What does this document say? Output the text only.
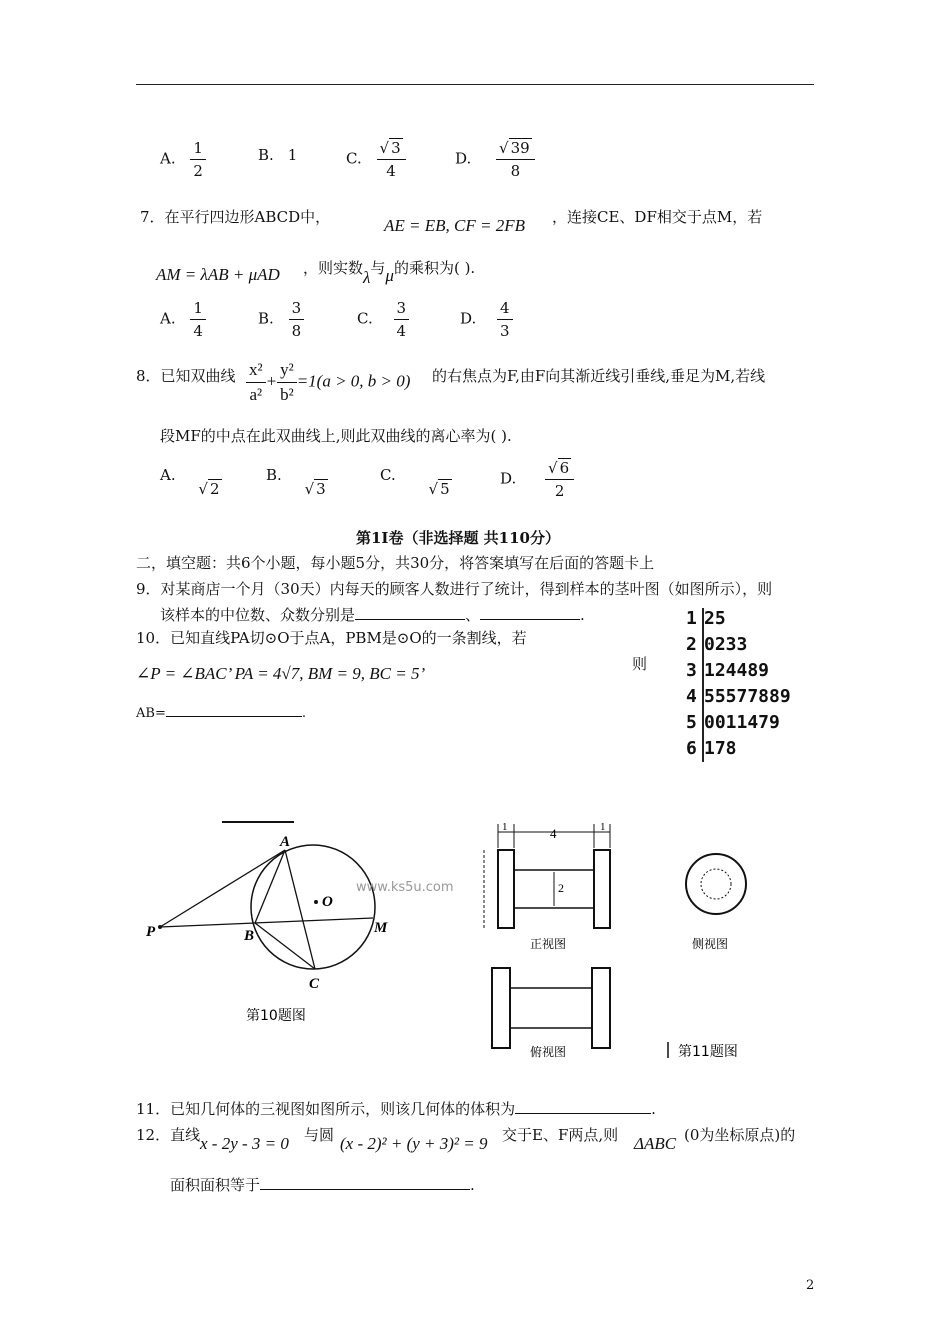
A. $\frac{1}{2}$	B. 1	C. $\frac{√ 3}{4}$	D. $\frac{√ 39}{8}$
7．在平行四边形ABCD中，	AE = EB, CF = 2FB ，连接CE、DF相交于点M，若
AM = λAB + μAD ，则实数λ与μ的乘积为( ).
A. $\frac{1}{4}$	B. $\frac{3}{8}$	C. $\frac{3}{4}$	D. $\frac{4}{3}$
8．已知双曲线 $\frac{\text{x²}}{\text{a²}} + \frac{\text{y²}}{\text{b²}} =1(a > 0$, b > 0) 的右焦点为F,由F向其渐近线引垂线,垂足为M,若线
段MF的中点在此双曲线上,则此双曲线的离心率为( ).
A. √ 2
B. √ 3
C. √ 5
D. $\frac{√ 6}{2}$
第1I卷（非选择题 共110分）
二，填空题：共6个小题，每小题5分，共30分，将答案填写在后面的答题卡上
9．对某商店一个月（30天）内每天的顾客人数进行了统计，得到样本的茎叶图（如图所示），则
该样本的中位数、众数分别是	、	.
10．已知直线PA切⊙O于点A，PBM是⊙O的一条割线，若
则
∠P = ∠BAC’ PA = 4√7, BM = 9, BC = 5’
AB=	.
1 25
2 0233
3 124489
4 55577889
5 0011479
6 178
P
A
B
C
O
M
第10题图
www.ks5u.com
1	4	1
2
正视图	侧视图
俯视图	第11题图
11．已知几何体的三视图如图所示，则该几何体的体积为	.
12．直线 x - 2y - 3 = 0 与圆 (x - 2)² + (y + 3)² = 9 交于E、F两点,则 ΔABC (0为坐标原点)的
面积面积等于	.
2
